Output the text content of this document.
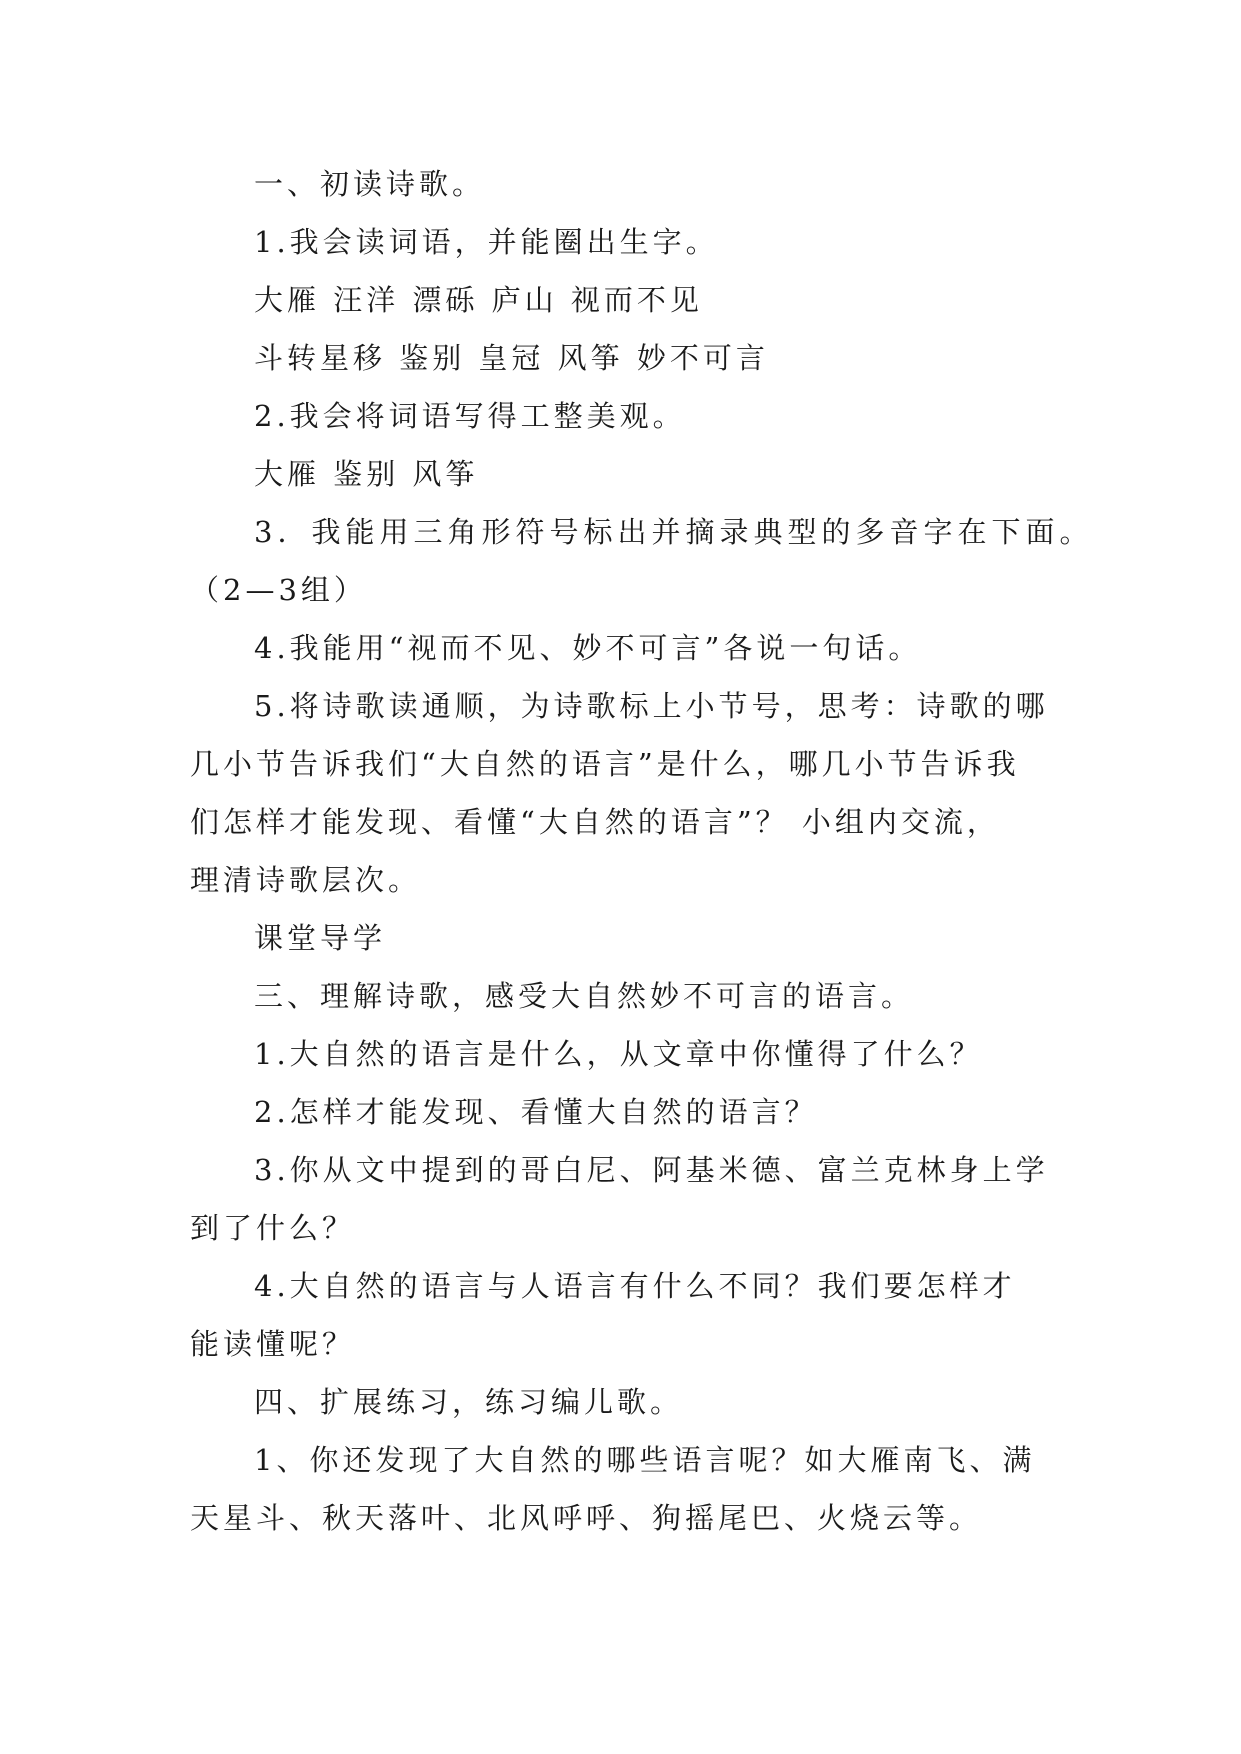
一、初读诗歌。

1.我会读词语，并能圈出生字。

大雁 汪洋 漂砾 庐山 视而不见

斗转星移 鉴别 皇冠 风筝 妙不可言

2.我会将词语写得工整美观。

大雁 鉴别 风筝

3．我能用三角形符号标出并摘录典型的多音字在下面。

（2—3组）

4.我能用“视而不见、妙不可言”各说一句话。

5.将诗歌读通顺，为诗歌标上小节号，思考：诗歌的哪

几小节告诉我们“大自然的语言”是什么，哪几小节告诉我

们怎样才能发现、看懂“大自然的语言”？ 小组内交流，

理清诗歌层次。

课堂导学

三、理解诗歌，感受大自然妙不可言的语言。

1.大自然的语言是什么，从文章中你懂得了什么？

2.怎样才能发现、看懂大自然的语言？

3.你从文中提到的哥白尼、阿基米德、富兰克林身上学

到了什么？

4.大自然的语言与人语言有什么不同？我们要怎样才

能读懂呢？

四、扩展练习，练习编儿歌。

1、你还发现了大自然的哪些语言呢？如大雁南飞、满

天星斗、秋天落叶、北风呼呼、狗摇尾巴、火烧云等。
